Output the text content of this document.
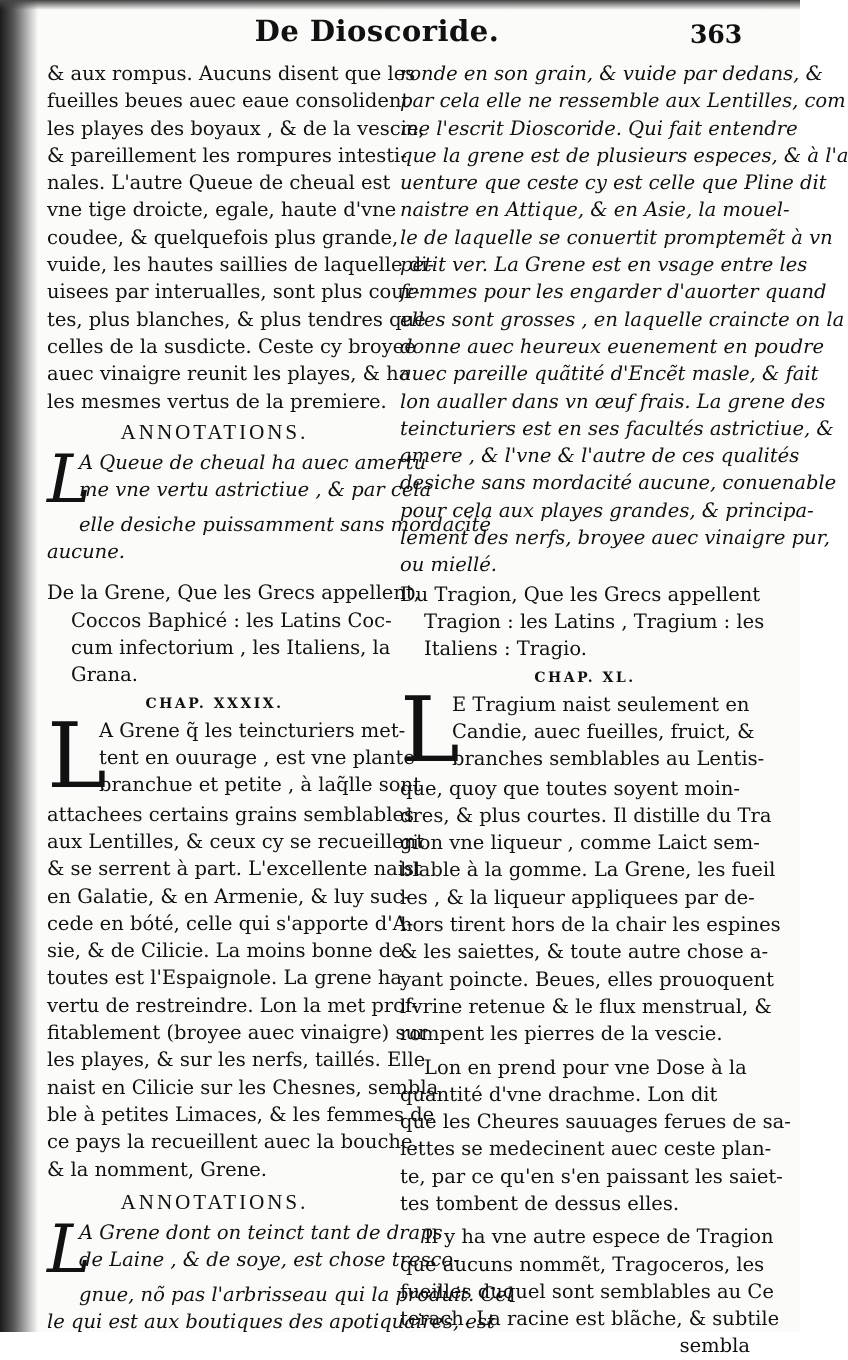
De Dioscoride.	363
& aux rompus. Aucuns disent que les
fueilles beues auec eaue consolident
les playes des boyaux , & de la vescie,
& pareillement les rompures intesti-
nales. L'autre Queue de cheual est
vne tige droicte, egale, haute d'vne
coudee, & quelquefois plus grande,
vuide, les hautes saillies de laquelle di-
uisees par interualles, sont plus cour-
tes, plus blanches, & plus tendres que
celles de la susdicte. Ceste cy broyee
auec vinaigre reunit les playes, & ha
les mesmes vertus de la premiere.
ANNOTATIONS.
L
A Queue de cheual ha auec amertu
me vne vertu astrictiue , & par cela
elle desiche puissamment sans mordacité
aucune.
De la Grene, Que les Grecs appellent,
Coccos Baphicé : les Latins Coc-
cum infectorium , les Italiens, la
Grana.
CHAP. XXXIX.
L
A Grene q̃ les teincturiers met-
tent en ouurage , est vne plante
branchue et petite , à laq̃lle sont
attachees certains grains semblables
aux Lentilles, & ceux cy se recueillent
& se serrent à part. L'excellente naist
en Galatie, & en Armenie, & luy suc-
cede en bóté, celle qui s'apporte d'A-
sie, & de Cilicie. La moins bonne de
toutes est l'Espaignole. La grene ha
vertu de restreindre. Lon la met prof-
fitablement (broyee auec vinaigre) sur
les playes, & sur les nerfs, taillés. Elle
naist en Cilicie sur les Chesnes, sembla
ble à petites Limaces, & les femmes de
ce pays la recueillent auec la bouche,
& la nomment, Grene.
ANNOTATIONS.
L
A Grene dont on teinct tant de draps
de Laine , & de soye, est chose tresco-
gnue, nõ pas l'arbrisseau qui la produit. Cel
le qui est aux boutiques des apotiquaires, est
ronde en son grain, & vuide par dedans, &
par cela elle ne ressemble aux Lentilles, com
me l'escrit Dioscoride. Qui fait entendre
que la grene est de plusieurs especes, & à l'a
uenture que ceste cy est celle que Pline dit
naistre en Attique, & en Asie, la mouel-
le de laquelle se conuertit promptemẽt à vn
petit ver. La Grene est en vsage entre les
femmes pour les engarder d'auorter quand
elles sont grosses , en laquelle craincte on la
donne auec heureux euenement en poudre
auec pareille quãtité d'Encẽt masle, & fait
lon aualler dans vn œuf frais. La grene des
teincturiers est en ses facultés astrictiue, &
amere , & l'vne & l'autre de ces qualités
desiche sans mordacité aucune, conuenable
pour cela aux playes grandes, & principa-
lement des nerfs, broyee auec vinaigre pur,
ou miellé.
Du Tragion, Que les Grecs appellent
Tragion : les Latins , Tragium : les
Italiens : Tragio.
CHAP. XL.
L
E Tragium naist seulement en
Candie, auec fueilles, fruict, &
branches semblables au Lentis-
que, quoy que toutes soyent moin-
dres, & plus courtes. Il distille du Tra
gion vne liqueur , comme Laict sem-
blable à la gomme. La Grene, les fueil
les , & la liqueur appliquees par de-
hors tirent hors de la chair les espines
& les saiettes, & toute autre chose a-
yant poincte. Beues, elles prouoquent
l'vrine retenue & le flux menstrual, &
rompent les pierres de la vescie.
Lon en prend pour vne Dose à la
quantité d'vne drachme. Lon dit
que les Cheures sauuages ferues de sa-
iettes se medecinent auec ceste plan-
te, par ce qu'en s'en paissant les saiet-
tes tombent de dessus elles.
Il y ha vne autre espece de Tragion
que aucuns nommẽt, Tragoceros, les
fueilles duquel sont semblables au Ce
terach. La racine est blãche, & subtile
sembla
